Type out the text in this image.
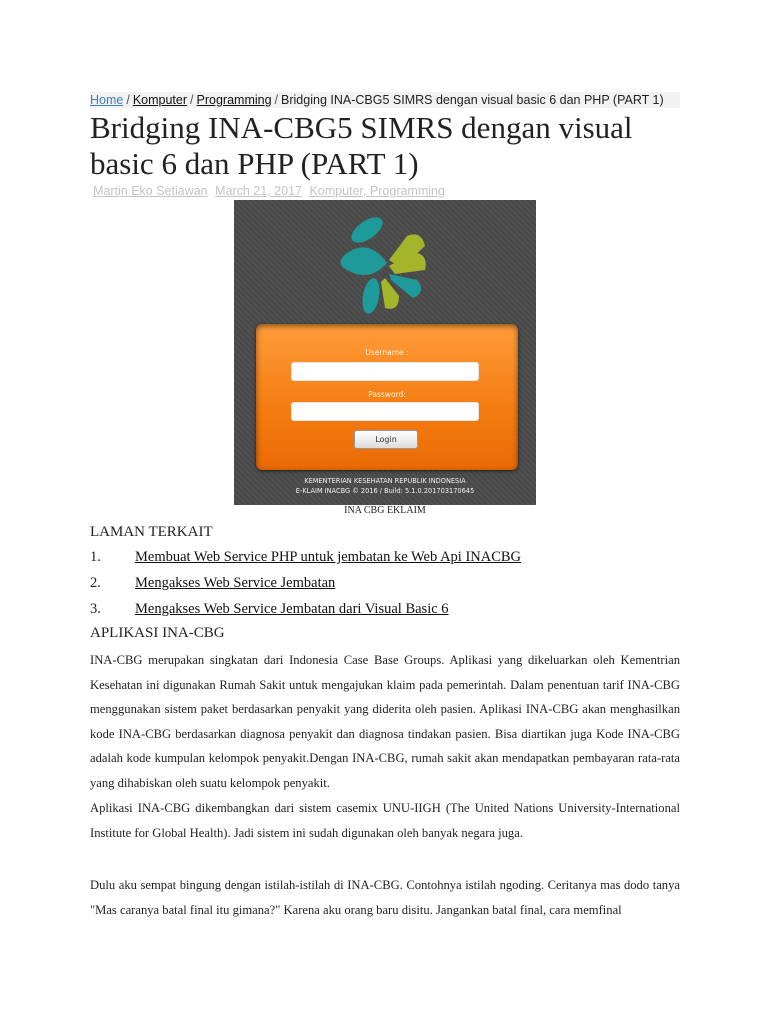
Home / Komputer / Programming / Bridging INA-CBG5 SIMRS dengan visual basic 6 dan PHP (PART 1)
Bridging INA-CBG5 SIMRS dengan visual basic 6 dan PHP (PART 1)
Martin Eko Setiawan March 21, 2017 Komputer, Programming
Username :
Password:
Login
KEMENTERIAN KESEHATAN REPUBLIK INDONESIA
E-KLAIM INACBG © 2016 / Build: 5.1.0.201703170645
INA CBG EKLAIM
LAMAN TERKAIT
1. Membuat Web Service PHP untuk jembatan ke Web Api INACBG
2. Mengakses Web Service Jembatan
3. Mengakses Web Service Jembatan dari Visual Basic 6
APLIKASI INA-CBG

INA-CBG merupakan singkatan dari Indonesia Case Base Groups. Aplikasi yang dikeluarkan oleh Kementrian Kesehatan ini digunakan Rumah Sakit untuk mengajukan klaim pada pemerintah. Dalam penentuan tarif INA-CBG menggunakan sistem paket berdasarkan penyakit yang diderita oleh pasien. Aplikasi INA-CBG akan menghasilkan kode INA-CBG berdasarkan diagnosa penyakit dan diagnosa tindakan pasien. Bisa diartikan juga Kode INA-CBG adalah kode kumpulan kelompok penyakit.Dengan INA-CBG, rumah sakit akan mendapatkan pembayaran rata-rata yang dihabiskan oleh suatu kelompok penyakit.

Aplikasi INA-CBG dikembangkan dari sistem casemix UNU-IIGH (The United Nations University-International Institute for Global Health). Jadi sistem ini sudah digunakan oleh banyak negara juga.

Dulu aku sempat bingung dengan istilah-istilah di INA-CBG. Contohnya istilah ngoding. Ceritanya mas dodo tanya "Mas caranya batal final itu gimana?" Karena aku orang baru disitu. Jangankan batal final, cara memfinal
